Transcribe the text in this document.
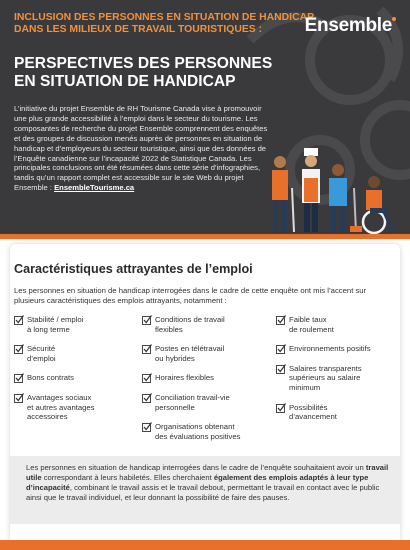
INCLUSION DES PERSONNES EN SITUATION DE HANDICAP DANS LES MILIEUX DE TRAVAIL TOURISTIQUES :	Ensemble
PERSPECTIVES DES PERSONNES EN SITUATION DE HANDICAP
L’initiative du projet Ensemble de RH Tourisme Canada vise à promouvoir une plus grande accessibilité à l’emploi dans le secteur du tourisme. Les composantes de recherche du projet Ensemble comprennent des enquêtes et des groupes de discussion menés auprès de personnes en situation de handicap et d’employeurs du secteur touristique, ainsi que des données de l’Enquête canadienne sur l’incapacité 2022 de Statistique Canada. Les principales conclusions ont été résumées dans cette série d’infographies, tandis qu’un rapport complet est accessible sur le site Web du projet Ensemble : EnsembleTourisme.ca
Caractéristiques attrayantes de l’emploi
Les personnes en situation de handicap interrogées dans le cadre de cette enquête ont mis l’accent sur plusieurs caractéristiques des emplois attrayants, notamment :
Stabilité / emploi
à long terme
Sécurité
d’emploi
Bons contrats
Avantages sociaux
et autres avantages
accessoires
Conditions de travail
flexibles
Postes en télétravail
ou hybrides
Horaires flexibles
Conciliation travail-vie
personnelle
Organisations obtenant
des évaluations positives
Faible taux
de roulement
Environnements positifs
Salaires transparents
supérieurs au salaire
minimum
Possibilités
d’avancement
Les personnes en situation de handicap interrogées dans le cadre de l’enquête souhaitaient avoir un travail utile correspondant à leurs habiletés. Elles cherchaient également des emplois adaptés à leur type d’incapacité, combinant le travail assis et le travail debout, permettant le travail en contact avec le public ainsi que le travail individuel, et leur donnant la possibilité de faire des pauses.
